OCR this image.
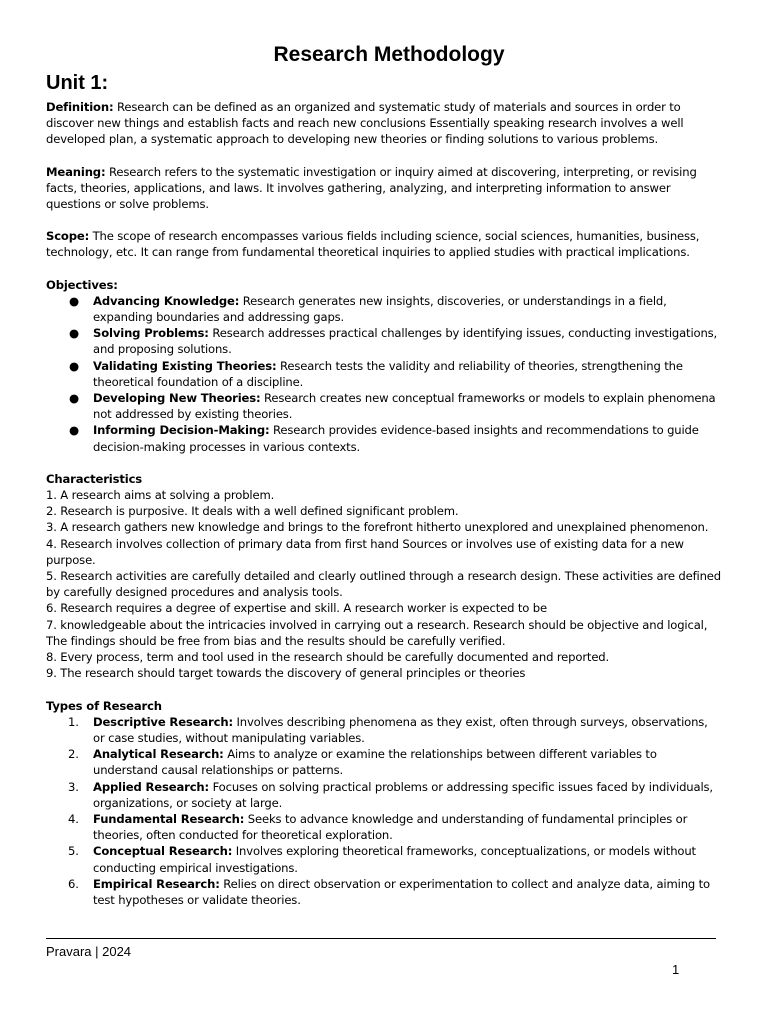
Research Methodology
Unit 1:

Definition: Research can be defined as an organized and systematic study of materials and sources in order to discover new things and establish facts and reach new conclusions Essentially speaking research involves a well developed plan, a systematic approach to developing new theories or finding solutions to various problems.

Meaning: Research refers to the systematic investigation or inquiry aimed at discovering, interpreting, or revising facts, theories, applications, and laws. It involves gathering, analyzing, and interpreting information to answer questions or solve problems.

Scope: The scope of research encompasses various fields including science, social sciences, humanities, business, technology, etc. It can range from fundamental theoretical inquiries to applied studies with practical implications.

Objectives:

● Advancing Knowledge: Research generates new insights, discoveries, or understandings in a field, expanding boundaries and addressing gaps.
● Solving Problems: Research addresses practical challenges by identifying issues, conducting investigations, and proposing solutions.
● Validating Existing Theories: Research tests the validity and reliability of theories, strengthening the theoretical foundation of a discipline.
● Developing New Theories: Research creates new conceptual frameworks or models to explain phenomena not addressed by existing theories.
● Informing Decision-Making: Research provides evidence-based insights and recommendations to guide decision-making processes in various contexts.

Characteristics

1. A research aims at solving a problem.

2. Research is purposive. It deals with a well defined significant problem.

3. A research gathers new knowledge and brings to the forefront hitherto unexplored and unexplained phenomenon.

4. Research involves collection of primary data from first hand Sources or involves use of existing data for a new purpose.

5. Research activities are carefully detailed and clearly outlined through a research design. These activities are defined by carefully designed procedures and analysis tools.

6. Research requires a degree of expertise and skill. A research worker is expected to be

7. knowledgeable about the intricacies involved in carrying out a research. Research should be objective and logical, The findings should be free from bias and the results should be carefully verified.

8. Every process, term and tool used in the research should be carefully documented and reported.

9. The research should target towards the discovery of general principles or theories

Types of Research

1. Descriptive Research: Involves describing phenomena as they exist, often through surveys, observations, or case studies, without manipulating variables.
2. Analytical Research: Aims to analyze or examine the relationships between different variables to understand causal relationships or patterns.
3. Applied Research: Focuses on solving practical problems or addressing specific issues faced by individuals, organizations, or society at large.
4. Fundamental Research: Seeks to advance knowledge and understanding of fundamental principles or theories, often conducted for theoretical exploration.
5. Conceptual Research: Involves exploring theoretical frameworks, conceptualizations, or models without conducting empirical investigations.
6. Empirical Research: Relies on direct observation or experimentation to collect and analyze data, aiming to test hypotheses or validate theories.
Pravara | 2024
1
